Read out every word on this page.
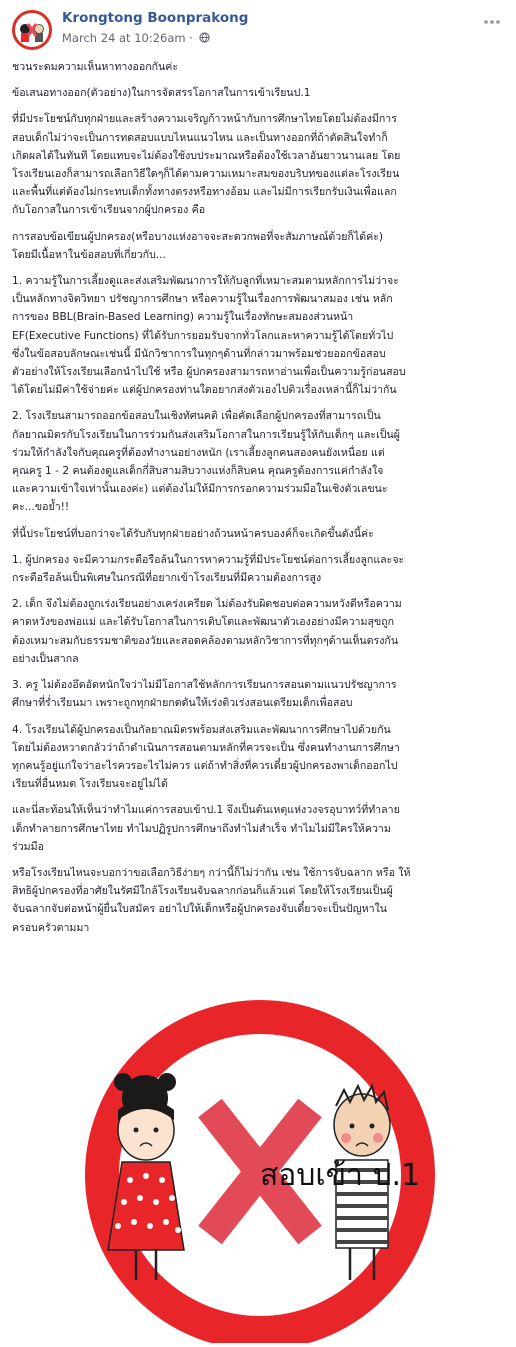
Krongtong Boonprakong
March 24 at 10:26am ·

ชวนระดมความเห็นหาทางออกกันค่ะ

ข้อเสนอทางออก(ตัวอย่าง)ในการจัดสรรโอกาสในการเข้าเรียนป.1

ที่มีประโยชน์กับทุกฝ่ายและสร้างความเจริญก้าวหน้ากับการศึกษาไทยโดยไม่ต้องมีการ
สอบเด็กไม่ว่าจะเป็นการทดสอบแบบไหนแนวไหน และเป็นทางออกที่ถ้าตัดสินใจทำก็
เกิดผลได้ในทันที โดยแทบจะไม่ต้องใช้งบประมาณหรือต้องใช้เวลาอันยาวนานเลย โดย
โรงเรียนเองก็สามารถเลือกวิธีใดๆก็ได้ตามความเหมาะสมของบริบทของแต่ละโรงเรียน
และพื้นที่แต่ต้องไม่กระทบเด็กทั้งทางตรงหรือทางอ้อม และไม่มีการเรียกรับเงินเพื่อแลก
กับโอกาสในการเข้าเรียนจากผู้ปกครอง คือ

การสอบข้อเขียนผู้ปกครอง(หรือบางแห่งอาจจะสะดวกพอที่จะสัมภาษณ์ด้วยก็ได้ค่ะ)
โดยมีเนื้อหาในข้อสอบที่เกี่ยวกับ...

1. ความรู้ในการเลี้ยงดูและส่งเสริมพัฒนาการให้กับลูกที่เหมาะสมตามหลักการไม่ว่าจะ
เป็นหลักทางจิตวิทยา ปรัชญาการศึกษา หรือความรู้ในเรื่องการพัฒนาสมอง เช่น หลัก
การของ BBL(Brain-Based Learning) ความรู้ในเรื่องทักษะสมองส่วนหน้า
EF(Executive Functions) ที่ได้รับการยอมรับจากทั่วโลกและหาความรู้ได้โดยทั่วไป
ซึ่งในข้อสอบลักษณะเช่นนี้ มีนักวิชาการในทุกๆด้านที่กล่าวมาพร้อมช่วยออกข้อสอบ
ตัวอย่างให้โรงเรียนเลือกนำไปใช้ หรือ ผู้ปกครองสามารถหาอ่านเพื่อเป็นความรู้ก่อนสอบ
ได้โดยไม่มีค่าใช้จ่ายค่ะ แต่ผู้ปกครองท่านใดอยากส่งตัวเองไปติวเรื่องเหล่านี้ก็ไม่ว่ากัน

2. โรงเรียนสามารถออกข้อสอบในเชิงทัศนคติ เพื่อคัดเลือกผู้ปกครองที่สามารถเป็น
กัลยาณมิตรกับโรงเรียนในการร่วมกันส่งเสริมโอกาสในการเรียนรู้ให้กับเด็กๆ และเป็นผู้
ร่วมให้กำลังใจกับคุณครูที่ต้องทำงานอย่างหนัก (เราเลี้ยงลูกคนสองคนยังเหนื่อย แต่
คุณครู 1 - 2 คนต้องดูแลเด็กกี่สิบสามสิบวางแห่งก็สิบคน คุณครูต้องการแค่กำลังใจ
และความเข้าใจเท่านั้นเองค่ะ) แต่ต้องไม่ให้มีการกรอกความร่วมมือในเชิงตัวเลขนะ
คะ...ขอย้ำ!!

ที่นี้ประโยชน์ที่บอกว่าจะได้รับกับทุกฝ่ายอย่างถ้วนหน้าครบองค์ก็จะเกิดขึ้นดังนี้ค่ะ

1. ผู้ปกครอง จะมีความกระตือรือล้นในการหาความรู้ที่มีประโยชน์ต่อการเลี้ยงลูกและจะ
กระตือรือล้นเป็นพิเศษในกรณีที่อยากเข้าโรงเรียนที่มีความต้องการสูง

2. เด็ก จึงไม่ต้องถูกเร่งเรียนอย่างเคร่งเครียด ไม่ต้องรับผิดชอบต่อความหวังดีหรือความ
คาดหวังของพ่อแม่ และได้รับโอกาสในการเติบโตและพัฒนาตัวเองอย่างมีความสุขถูก
ต้องเหมาะสมกับธรรมชาติของวัยและสอดคล้องตามหลักวิชาการที่ทุกๆด้านเห็นตรงกัน
อย่างเป็นสากล

3. ครู ไม่ต้องอึดอัดหนักใจว่าไม่มีโอกาสใช้หลักการเรียนการสอนตามแนวปรัชญาการ
ศึกษาที่ร่ำเรียนมา เพราะถูกทุกฝ่ายกดดันให้เร่งติวเร่งสอนเตรียมเด็กเพื่อสอบ

4. โรงเรียนได้ผู้ปกครองเป็นกัลยาณมิตรพร้อมส่งเสริมและพัฒนาการศึกษาไปด้วยกัน
โดยไม่ต้องหวาดกลัวว่าถ้าดำเนินการสอนตามหลักที่ควรจะเป็น ซึ่งคนทำงานการศึกษา
ทุกคนรู้อยู่แก่ใจว่าอะไรควรอะไรไม่ควร แต่ถ้าทำสิ่งที่ควรเดี๋ยวผู้ปกครองพาเด็กออกไป
เรียนที่อื่นหมด โรงเรียนจะอยู่ไม่ได้

และนี่สะท้อนให้เห็นว่าทำไมแค่การสอบเข้าป.1 จึงเป็นต้นเหตุแห่งวงจรอุบาทว์ที่ทำลาย
เด็กทำลายการศึกษาไทย ทำไมปฏิรูปการศึกษาถึงทำไม่สำเร็จ ทำไมไม่มีใครให้ความ
ร่วมมือ

หรือโรงเรียนไหนจะบอกว่าขอเลือกวิธีง่ายๆ กว่านี้ก็ไม่ว่ากัน เช่น ใช้การจับฉลาก หรือ ให้
สิทธิผู้ปกครองที่อาศัยในรัศมีใกล้โรงเรียนจับฉลากก่อนก็แล้วแต่ โดยให้โรงเรียนเป็นผู้
จับฉลากจับต่อหน้าผู้ยื่นใบสมัคร อย่าไปให้เด็กหรือผู้ปกครองจับเดี๋ยวจะเป็นปัญหาใน
ครอบครัวตามมา

สอบเข้า ป.1
